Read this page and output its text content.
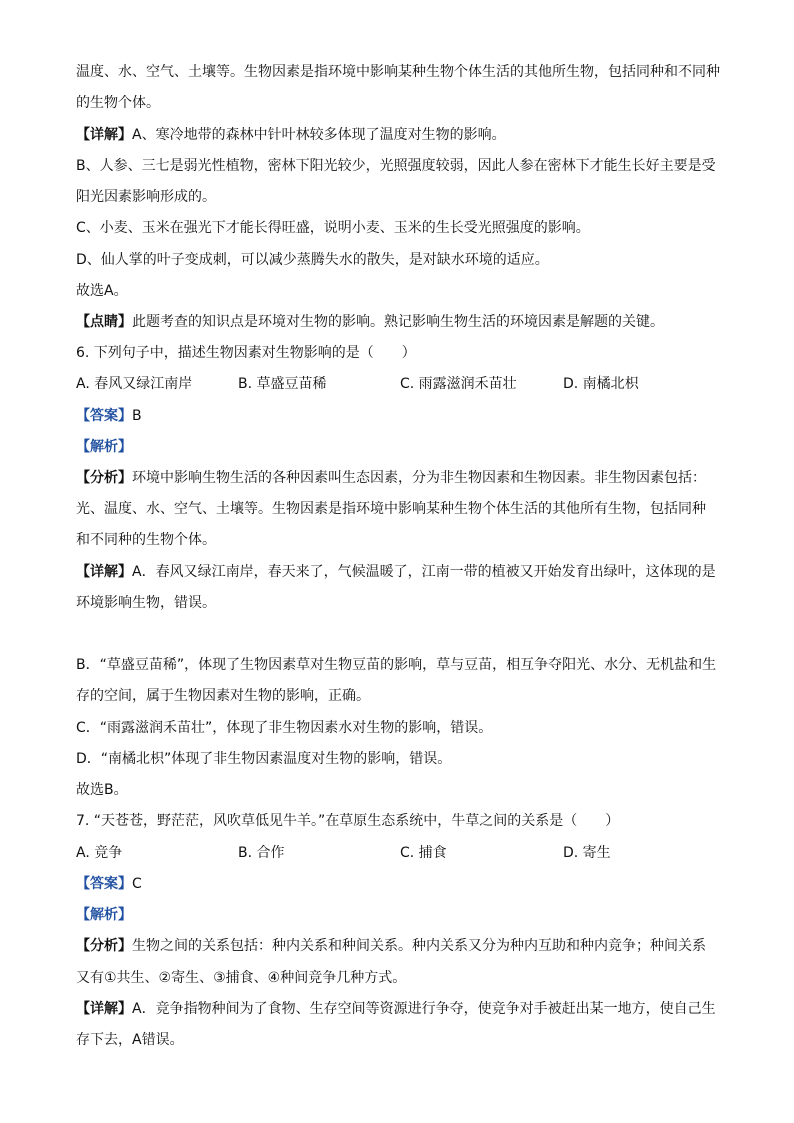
温度、水、空气、土壤等。生物因素是指环境中影响某种生物个体生活的其他所生物，包括同种和不同种
的生物个体。
【详解】A、寒冷地带的森林中针叶林较多体现了温度对生物的影响。
B、人参、三七是弱光性植物，密林下阳光较少，光照强度较弱，因此人参在密林下才能生长好主要是受
阳光因素影响形成的。
C、小麦、玉米在强光下才能长得旺盛，说明小麦、玉米的生长受光照强度的影响。
D、仙人掌的叶子变成刺，可以减少蒸腾失水的散失，是对缺水环境的适应。
故选A。
【点睛】此题考查的知识点是环境对生物的影响。熟记影响生物生活的环境因素是解题的关键。
6. 下列句子中，描述生物因素对生物影响的是（　　）
A. 春风又绿江南岸	B. 草盛豆苗稀	C. 雨露滋润禾苗壮	D. 南橘北枳
【答案】B
【解析】
【分析】环境中影响生物生活的各种因素叫生态因素，分为非生物因素和生物因素。非生物因素包括：
光、温度、水、空气、土壤等。生物因素是指环境中影响某种生物个体生活的其他所有生物，包括同种
和不同种的生物个体。
【详解】A．春风又绿江南岸，春天来了，气候温暖了，江南一带的植被又开始发育出绿叶，这体现的是
环境影响生物，错误。
B．“草盛豆苗稀”，体现了生物因素草对生物豆苗的影响，草与豆苗，相互争夺阳光、水分、无机盐和生
存的空间，属于生物因素对生物的影响，正确。
C．“雨露滋润禾苗壮”，体现了非生物因素水对生物的影响，错误。
D．“南橘北枳”体现了非生物因素温度对生物的影响，错误。
故选B。
7. “天苍苍，野茫茫，风吹草低见牛羊。”在草原生态系统中，牛草之间的关系是（　　）
A. 竞争	B. 合作	C. 捕食	D. 寄生
【答案】C
【解析】
【分析】生物之间的关系包括：种内关系和种间关系。种内关系又分为种内互助和种内竞争；种间关系
又有①共生、②寄生、③捕食、④种间竞争几种方式。
【详解】A．竞争指物种间为了食物、生存空间等资源进行争夺，使竞争对手被赶出某一地方，使自己生
存下去，A错误。
